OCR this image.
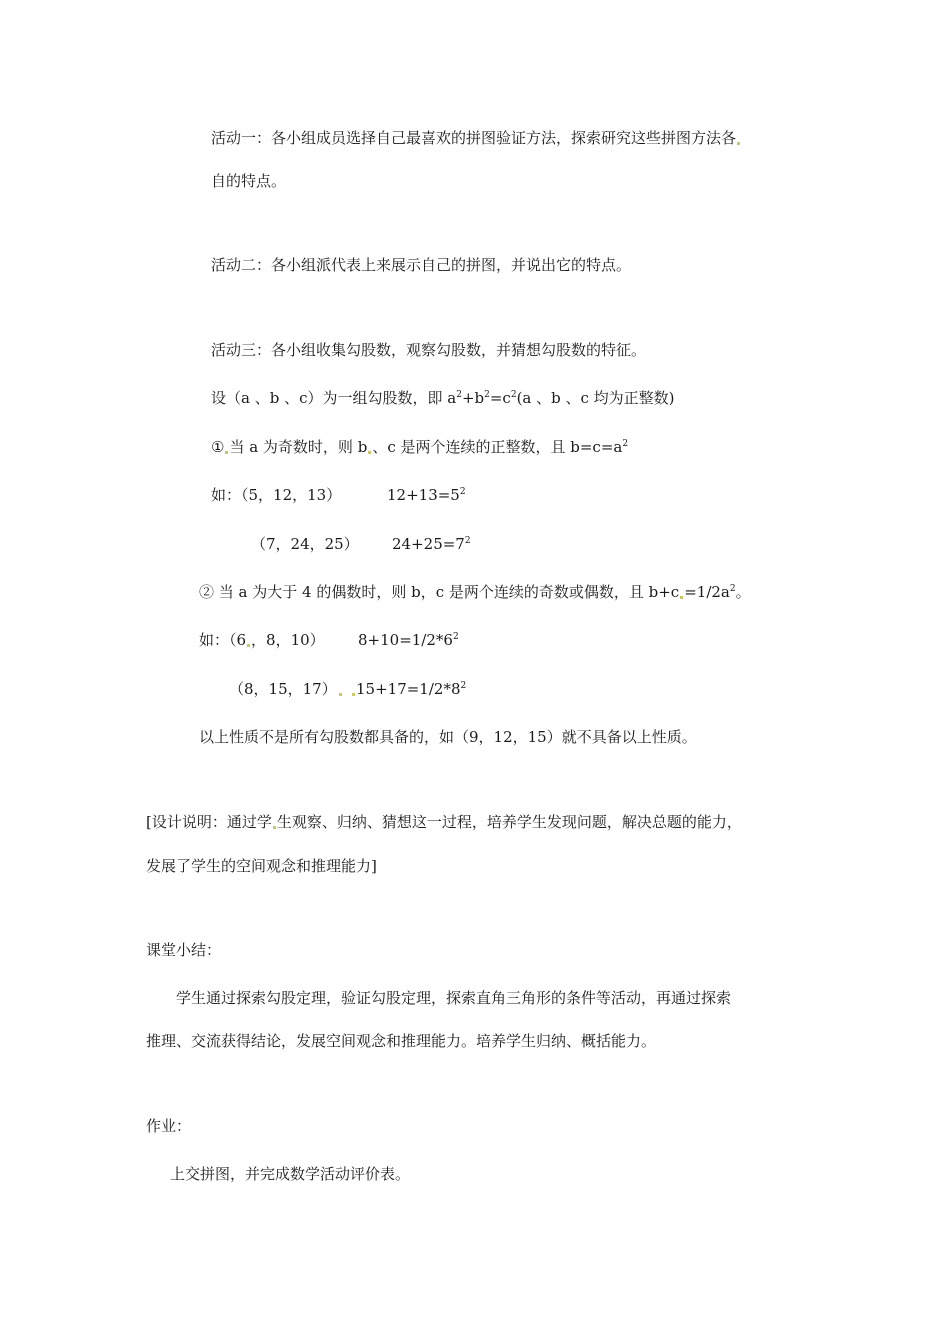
活动一：各小组成员选择自己最喜欢的拼图验证方法，探索研究这些拼图方法各
自的特点。
活动二：各小组派代表上来展示自己的拼图，并说出它的特点。
活动三：各小组收集勾股数，观察勾股数，并猜想勾股数的特征。
设（a 、b 、c）为一组勾股数，即 $a^2+b^2=c^2(a$ 、b 、c 均为正整数)
① 当 a 为奇数时，则 b 、c 是两个连续的正整数，且 $b=c=a^2$
如：（5，12，13）	$12+13=5^2$
（7，24，25） $24+25=7^2$
② 当 a 为大于 4 的偶数时，则 b，c 是两个连续的奇数或偶数，且 $b+c =1/2a^2$。
如：（6 ，8，10） $8+10=1/2*6^2$
（8，15，17）	$15+17=1/2*8^2$
以上性质不是所有勾股数都具备的，如（9，12，15）就不具备以上性质。
[设计说明：通过学 生观察、归纳、猜想这一过程，培养学生发现问题，解决总题的能力，
发展了学生的空间观念和推理能力]
课堂小结：
学生通过探索勾股定理，验证勾股定理，探索直角三角形的条件等活动，再通过探索
推理、交流获得结论，发展空间观念和推理能力。培养学生归纳、概括能力。
作业：
上交拼图，并完成数学活动评价表。
